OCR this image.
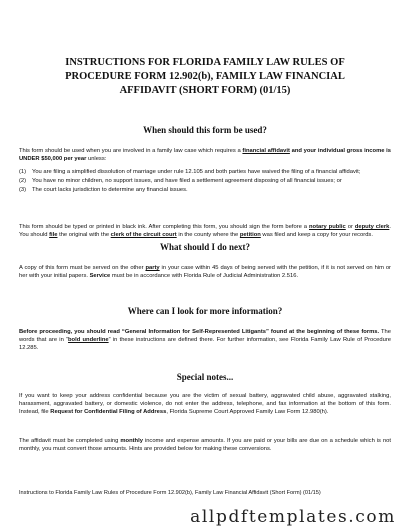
INSTRUCTIONS FOR FLORIDA FAMILY LAW RULES OF PROCEDURE FORM 12.902(b), FAMILY LAW FINANCIAL AFFIDAVIT (SHORT FORM) (01/15)
When should this form be used?
This form should be used when you are involved in a family law case which requires a financial affidavit and your individual gross income is UNDER $50,000 per year unless:
(1)	You are filing a simplified dissolution of marriage under rule 12.105 and both parties have waived the filing of a financial affidavit;
(2)	You have no minor children, no support issues, and have filed a settlement agreement disposing of all financial issues; or
(3)	The court lacks jurisdiction to determine any financial issues.
This form should be typed or printed in black ink. After completing this form, you should sign the form before a notary public or deputy clerk. You should file the original with the clerk of the circuit court in the county where the petition was filed and keep a copy for your records.
What should I do next?
A copy of this form must be served on the other party in your case within 45 days of being served with the petition, if it is not served on him or her with your initial papers. Service must be in accordance with Florida Rule of Judicial Administration 2.516.
Where can I look for more information?
Before proceeding, you should read “General Information for Self-Represented Litigants” found at the beginning of these forms. The words that are in “bold underline” in these instructions are defined there. For further information, see Florida Family Law Rule of Procedure 12.285.
Special notes...
If you want to keep your address confidential because you are the victim of sexual battery, aggravated child abuse, aggravated stalking, harassment, aggravated battery, or domestic violence, do not enter the address, telephone, and fax information at the bottom of this form. Instead, file Request for Confidential Filing of Address, Florida Supreme Court Approved Family Law Form 12.980(h).
The affidavit must be completed using monthly income and expense amounts. If you are paid or your bills are due on a schedule which is not monthly, you must convert those amounts. Hints are provided below for making these conversions.
Instructions to Florida Family Law Rules of Procedure Form 12.902(b), Family Law Financial Affidavit (Short Form) (01/15)
allpdftemplates.com
